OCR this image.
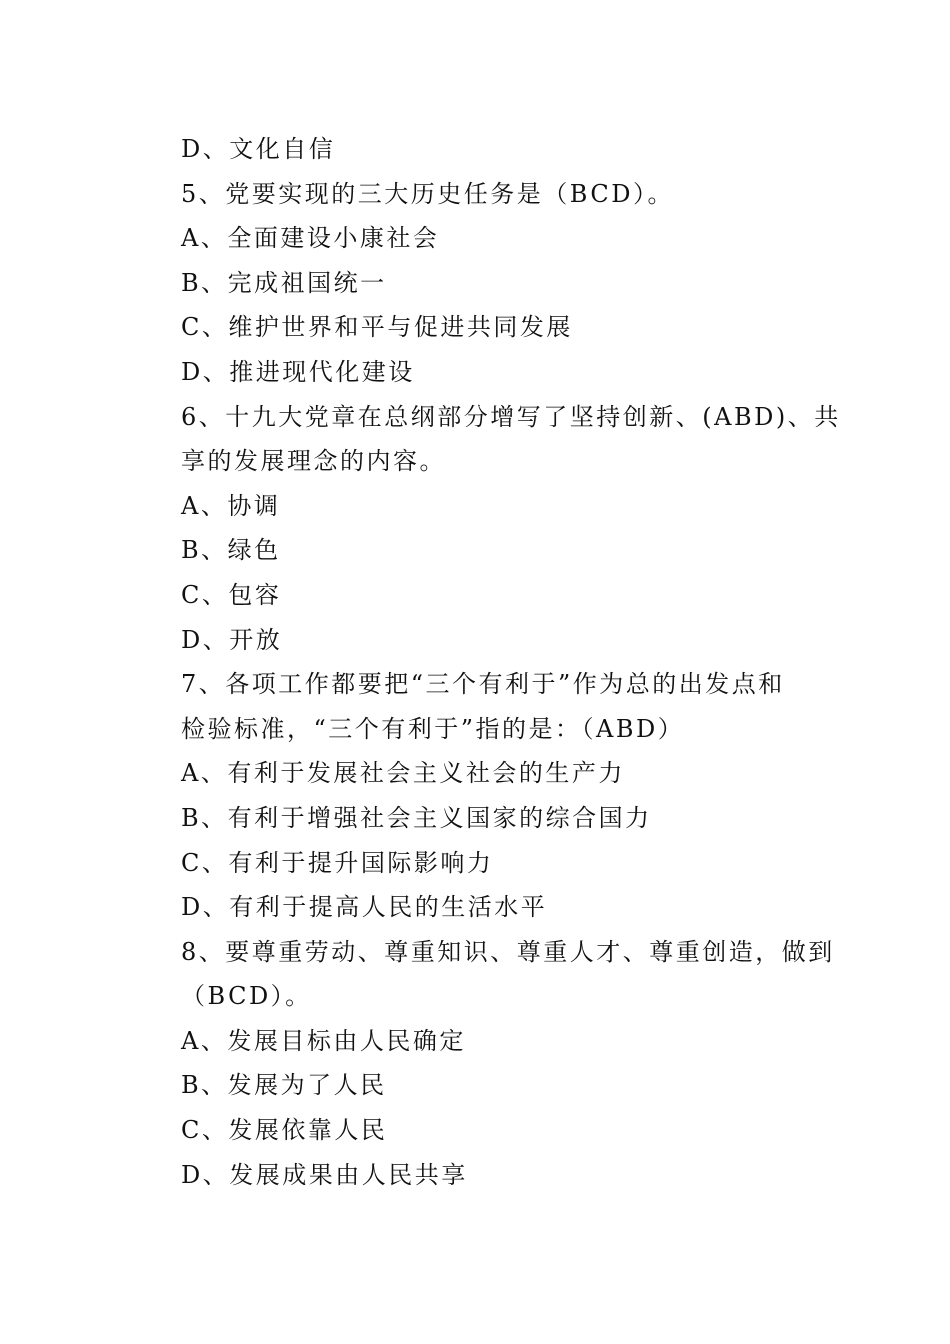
D、文化自信
5、党要实现的三大历史任务是（BCD）。
A、全面建设小康社会
B、完成祖国统一
C、维护世界和平与促进共同发展
D、推进现代化建设
6、十九大党章在总纲部分增写了坚持创新、(ABD)、共
享的发展理念的内容。
A、协调
B、绿色
C、包容
D、开放
7、各项工作都要把“三个有利于”作为总的出发点和
检验标准，“三个有利于”指的是：（ABD）
A、有利于发展社会主义社会的生产力
B、有利于增强社会主义国家的综合国力
C、有利于提升国际影响力
D、有利于提高人民的生活水平
8、要尊重劳动、尊重知识、尊重人才、尊重创造，做到
（BCD）。
A、发展目标由人民确定
B、发展为了人民
C、发展依靠人民
D、发展成果由人民共享
